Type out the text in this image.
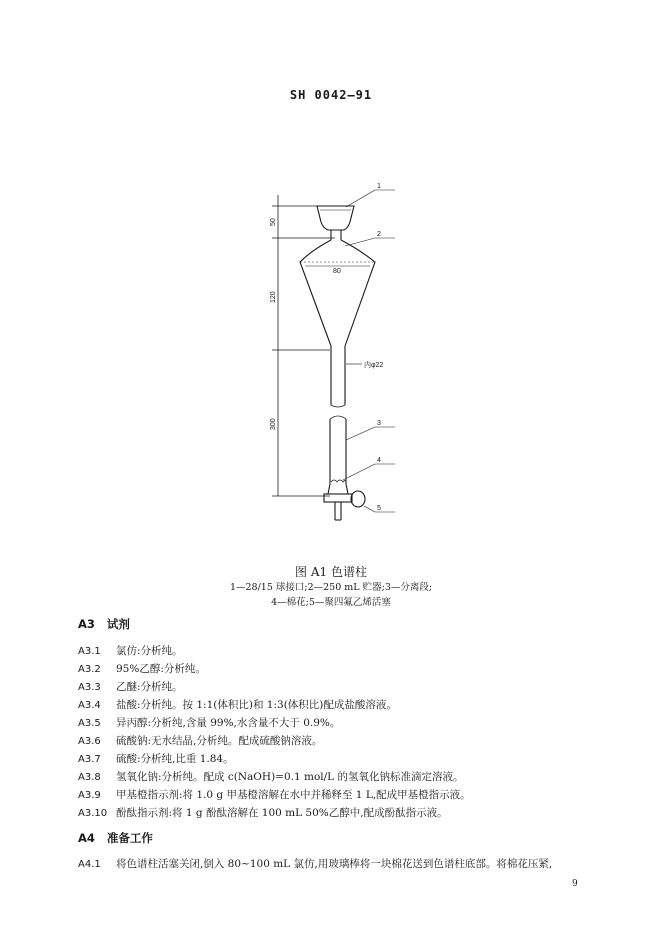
SH 0042—91
1
2
3
4
5
80
内φ22
50
120
300
图 A1 色谱柱
1—28/15 球接口;2—250 mL 贮器;3—分离段;
4—棉花;5—聚四氟乙烯活塞
A3 试剂
A3.1 氯仿:分析纯。
A3.2 95%乙醇:分析纯。
A3.3 乙醚:分析纯。
A3.4 盐酸:分析纯。按 1:1(体积比)和 1:3(体积比)配成盐酸溶液。
A3.5 异丙醇:分析纯,含量 99%,水含量不大于 0.9%。
A3.6 硫酸钠:无水结晶,分析纯。配成硫酸钠溶液。
A3.7 硫酸:分析纯,比重 1.84。
A3.8 氢氧化钠:分析纯。配成 c(NaOH)=0.1 mol/L 的氢氧化钠标准滴定溶液。
A3.9 甲基橙指示剂:将 1.0 g 甲基橙溶解在水中并稀释至 1 L,配成甲基橙指示液。
A3.10 酚酞指示剂:将 1 g 酚酞溶解在 100 mL 50%乙醇中,配成酚酞指示液。
A4 准备工作
A4.1 将色谱柱活塞关闭,倒入 80~100 mL 氯仿,用玻璃棒将一块棉花送到色谱柱底部。将棉花压紧,
9
